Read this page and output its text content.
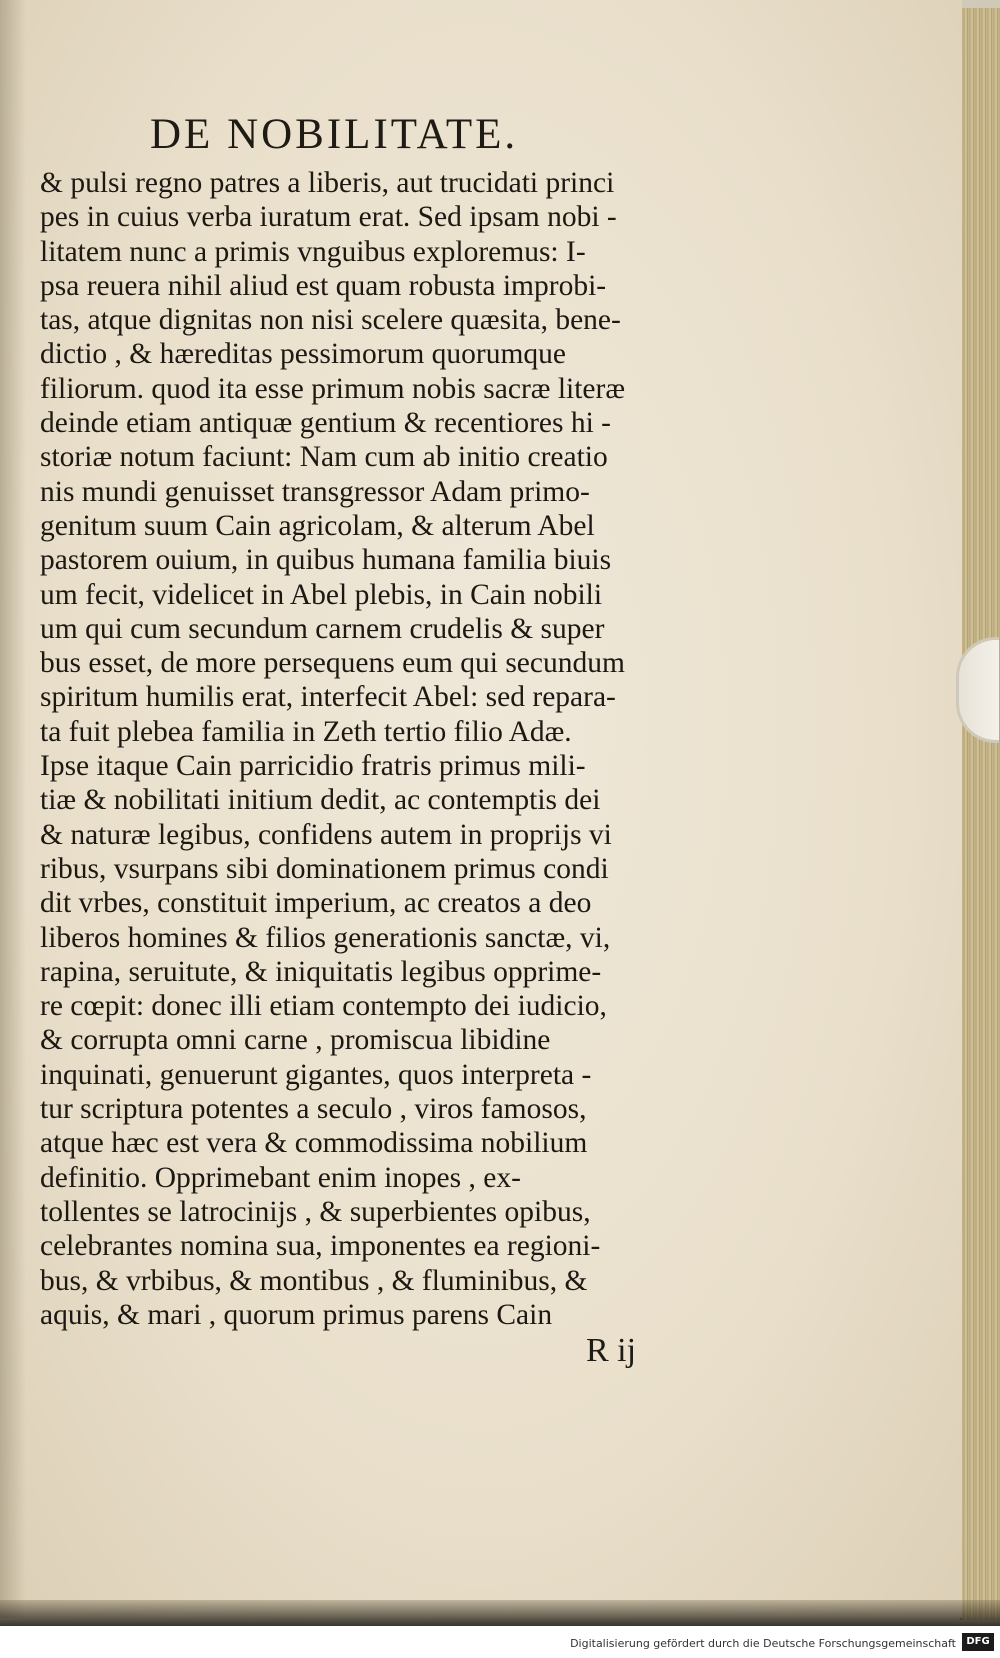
DE NOBILITATE.
& pulsi regno patres a liberis, aut trucidati princi
pes in cuius verba iuratum erat. Sed ipsam nobi -
litatem nunc a primis vnguibus exploremus: I-
psa reuera nihil aliud est quam robusta improbi-
tas, atque dignitas non nisi scelere quæsita, bene-
dictio , & hæreditas pessimorum quorumque
filiorum. quod ita esse primum nobis sacræ literæ
deinde etiam antiquæ gentium & recentiores hi -
storiæ notum faciunt: Nam cum ab initio creatio
nis mundi genuisset transgressor Adam primo-
genitum suum Cain agricolam, & alterum Abel
pastorem ouium, in quibus humana familia biuis
um fecit, videlicet in Abel plebis, in Cain nobili
um qui cum secundum carnem crudelis & super
bus esset, de more persequens eum qui secundum
spiritum humilis erat, interfecit Abel: sed repara-
ta fuit plebea familia in Zeth tertio filio Adæ.
Ipse itaque Cain parricidio fratris primus mili-
tiæ & nobilitati initium dedit, ac contemptis dei
& naturæ legibus, confidens autem in proprijs vi
ribus, vsurpans sibi dominationem primus condi
dit vrbes, constituit imperium, ac creatos a deo
liberos homines & filios generationis sanctæ, vi,
rapina, seruitute, & iniquitatis legibus opprime-
re cœpit: donec illi etiam contempto dei iudicio,
& corrupta omni carne , promiscua libidine
inquinati, genuerunt gigantes, quos interpreta -
tur scriptura potentes a seculo , viros famosos,
atque hæc est vera & commodissima nobilium
definitio. Opprimebant enim inopes , ex-
tollentes se latrocinijs , & superbientes opibus,
celebrantes nomina sua, imponentes ea regioni-
bus, & vrbibus, & montibus , & fluminibus, &
aquis, & mari , quorum primus parens Cain
R ij
Digitalisierung gefördert durch die Deutsche Forschungsgemeinschaft	DFG
